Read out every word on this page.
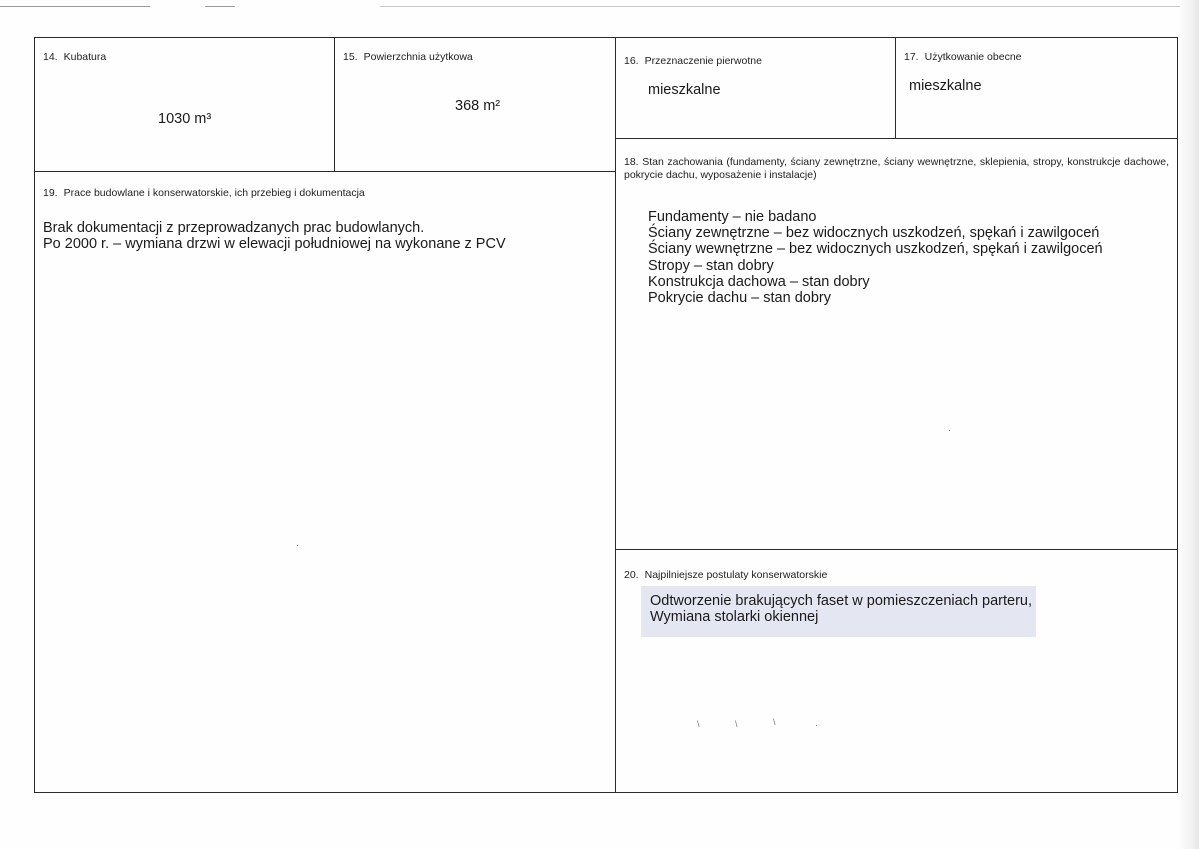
14. Kubatura
1030 m³
15. Powierzchnia użytkowa
368 m²
16. Przeznaczenie pierwotne
mieszkalne
17. Użytkowanie obecne
mieszkalne
18. Stan zachowania (fundamenty, ściany zewnętrzne, ściany wewnętrzne, sklepienia, stropy, konstrukcje dachowe, pokrycie dachu, wyposażenie i instalacje)
Fundamenty – nie badano
Ściany zewnętrzne – bez widocznych uszkodzeń, spękań i zawilgoceń
Ściany wewnętrzne – bez widocznych uszkodzeń, spękań i zawilgoceń
Stropy – stan dobry
Konstrukcja dachowa – stan dobry
Pokrycie dachu – stan dobry
19. Prace budowlane i konserwatorskie, ich przebieg i dokumentacja
Brak dokumentacji z przeprowadzanych prac budowlanych.
Po 2000 r. – wymiana drzwi w elewacji południowej na wykonane z PCV
20. Najpilniejsze postulaty konserwatorskie
Odtworzenie brakujących faset w pomieszczeniach parteru,
Wymiana stolarki okiennej
\	\	\	·
·
·
